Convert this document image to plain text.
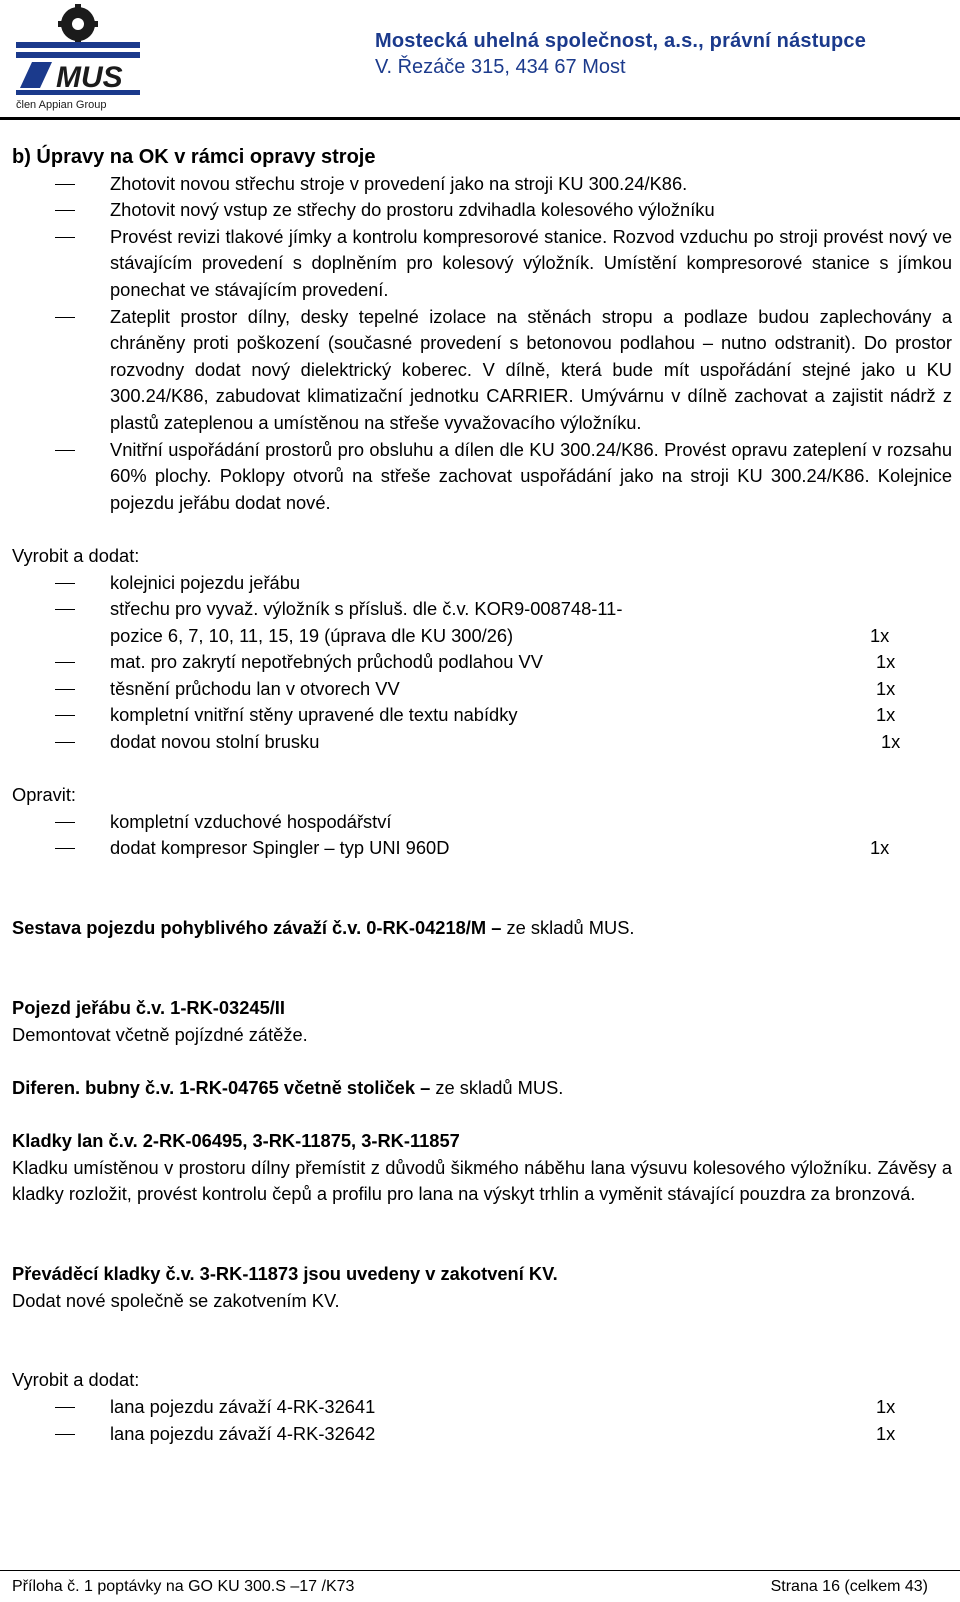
MUS
člen Appian Group
Mostecká uhelná společnost, a.s., právní nástupce
V. Řezáče 315, 434 67 Most
b) Úpravy na OK v rámci opravy stroje
Zhotovit novou střechu stroje v provedení jako na stroji KU 300.24/K86.
Zhotovit nový vstup ze střechy do prostoru zdvihadla kolesového výložníku
Provést revizi tlakové jímky a kontrolu kompresorové stanice. Rozvod vzduchu po stroji provést nový ve stávajícím provedení s doplněním pro kolesový výložník. Umístění kompresorové stanice s jímkou ponechat ve stávajícím provedení.
Zateplit prostor dílny, desky tepelné izolace na stěnách stropu a podlaze budou zaplechovány a chráněny proti poškození (současné provedení s betonovou podlahou – nutno odstranit). Do prostor rozvodny dodat nový dielektrický koberec. V dílně, která bude mít uspořádání stejné jako u KU 300.24/K86, zabudovat klimatizační jednotku CARRIER. Umývárnu v dílně zachovat a zajistit nádrž z plastů zateplenou a umístěnou na střeše vyvažovacího výložníku.
Vnitřní uspořádání prostorů pro obsluhu a dílen dle KU 300.24/K86. Provést opravu zateplení v rozsahu 60% plochy. Poklopy otvorů na střeše zachovat uspořádání jako na stroji KU 300.24/K86. Kolejnice pojezdu jeřábu dodat nové.
Vyrobit a dodat:
kolejnici pojezdu jeřábu
střechu pro vyvaž. výložník s přísluš. dle č.v. KOR9-008748-11-
pozice 6, 7, 10, 11, 15, 19 (úprava dle KU 300/26)	1x
mat. pro zakrytí nepotřebných průchodů podlahou VV	1x
těsnění průchodu lan v otvorech VV	1x
kompletní vnitřní stěny upravené dle textu nabídky	1x
dodat novou stolní brusku	1x
Opravit:
kompletní vzduchové hospodářství
dodat kompresor Spingler – typ UNI 960D	1x
Sestava pojezdu pohyblivého závaží č.v. 0-RK-04218/M – ze skladů MUS.
Pojezd jeřábu č.v. 1-RK-03245/II
Demontovat včetně pojízdné zátěže.
Diferen. bubny č.v. 1-RK-04765 včetně stoliček – ze skladů MUS.
Kladky lan č.v. 2-RK-06495, 3-RK-11875, 3-RK-11857
Kladku umístěnou v prostoru dílny přemístit z důvodů šikmého náběhu lana výsuvu kolesového výložníku. Závěsy a kladky rozložit, provést kontrolu čepů a profilu pro lana na výskyt trhlin a vyměnit stávající pouzdra za bronzová.
Převáděcí kladky č.v. 3-RK-11873 jsou uvedeny v zakotvení KV.
Dodat nové společně se zakotvením KV.
Vyrobit a dodat:
lana pojezdu závaží 4-RK-32641	1x
lana pojezdu závaží 4-RK-32642	1x
Příloha č. 1 poptávky na GO KU 300.S –17 /K73	Strana 16 (celkem 43)
